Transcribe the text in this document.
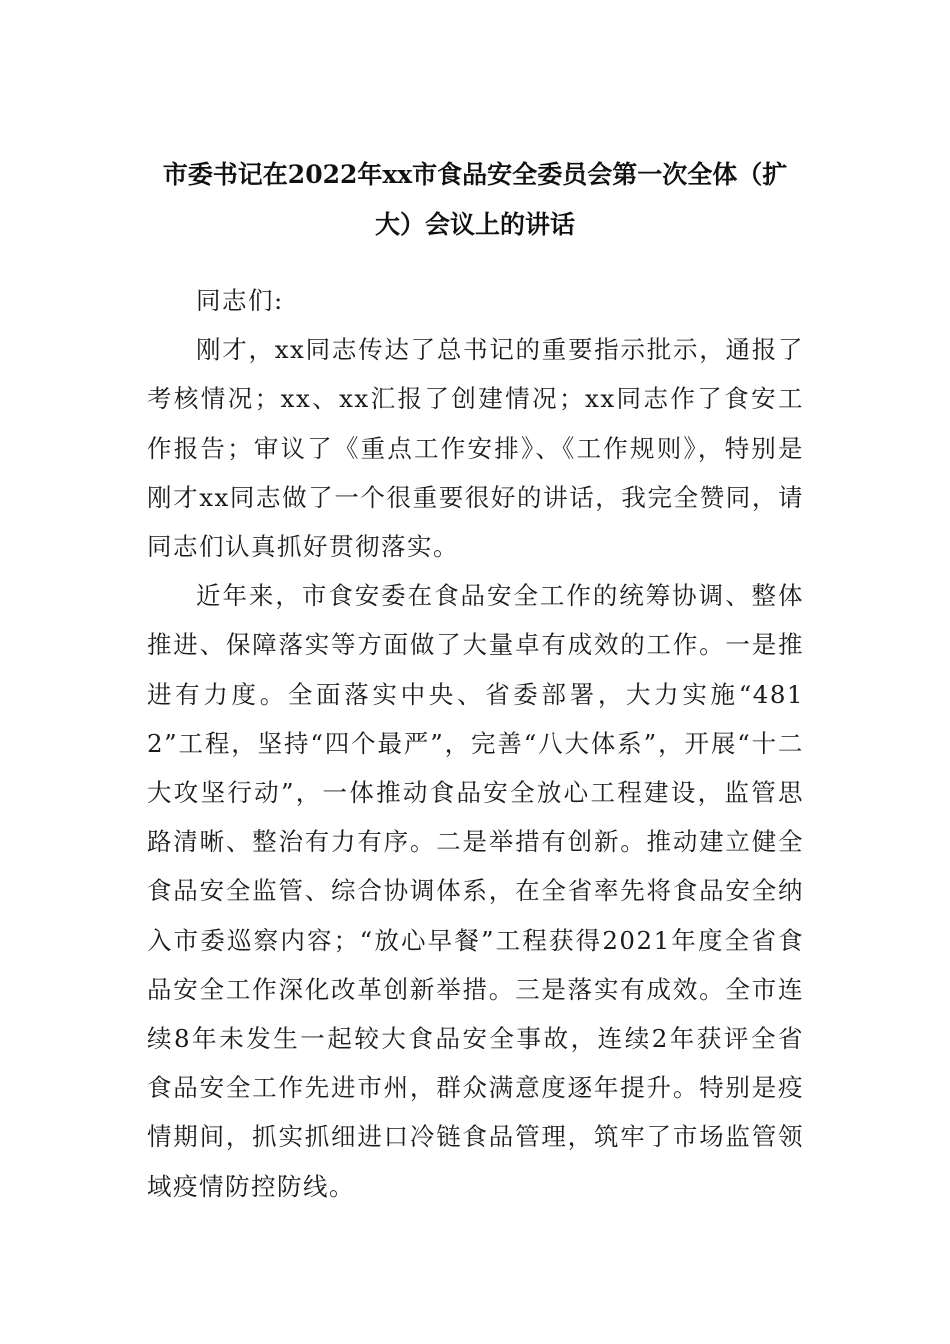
市委书记在2022年xx市食品安全委员会第一次全体（扩大）会议上的讲话

同志们:

刚才，xx同志传达了总书记的重要指示批示，通报了考核情况；xx、xx汇报了创建情况；xx同志作了食安工作报告；审议了《重点工作安排》、《工作规则》，特别是刚才xx同志做了一个很重要很好的讲话，我完全赞同，请同志们认真抓好贯彻落实。

近年来，市食安委在食品安全工作的统筹协调、整体推进、保障落实等方面做了大量卓有成效的工作。一是推进有力度。全面落实中央、省委部署，大力实施“4812”工程，坚持“四个最严”，完善“八大体系”，开展“十二大攻坚行动”，一体推动食品安全放心工程建设，监管思路清晰、整治有力有序。二是举措有创新。推动建立健全食品安全监管、综合协调体系，在全省率先将食品安全纳入市委巡察内容；“放心早餐”工程获得2021年度全省食品安全工作深化改革创新举措。三是落实有成效。全市连续8年未发生一起较大食品安全事故，连续2年获评全省食品安全工作先进市州，群众满意度逐年提升。特别是疫情期间，抓实抓细进口冷链食品管理，筑牢了市场监管领域疫情防控防线。
